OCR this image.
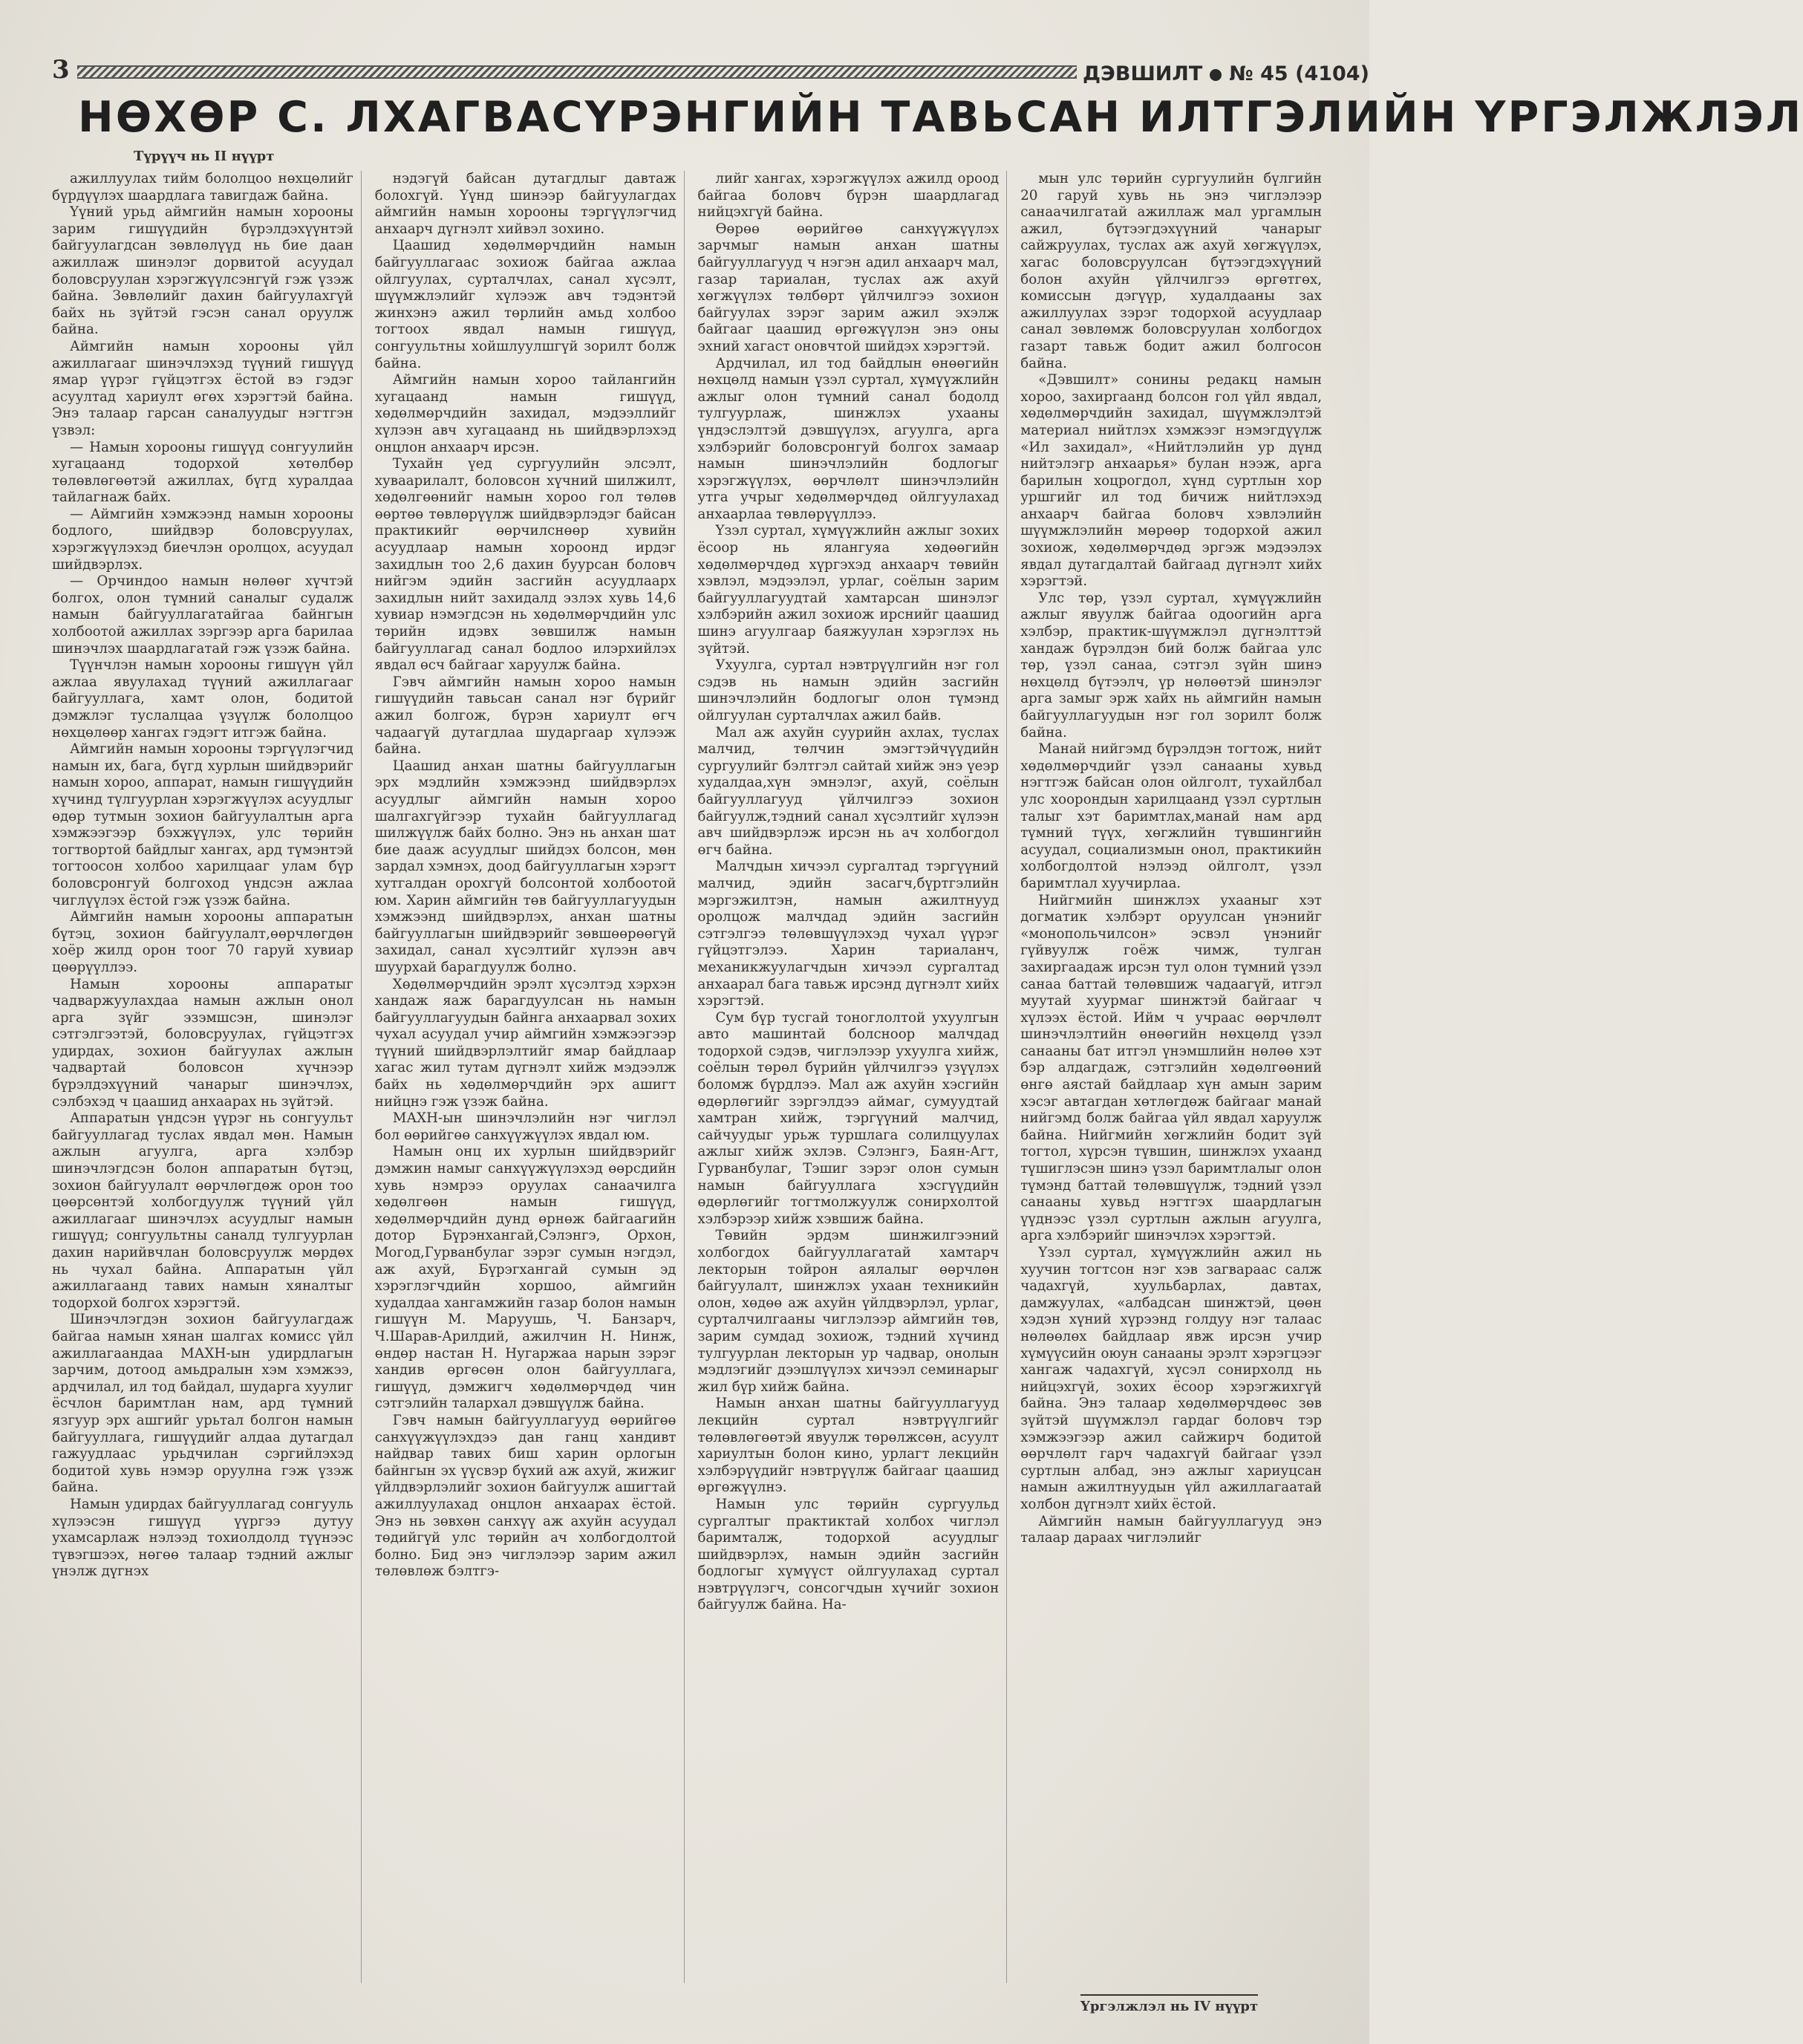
3	ДЭВШИЛТ № 45 (4104)
НӨХӨР С. ЛХАГВАСҮРЭНГИЙН ТАВЬСАН ИЛТГЭЛИЙН ҮРГЭЛЖЛЭЛ
Түрүүч нь II нүүрт

ажиллуулах тийм бололцоо нөхцөлийг бүрдүүлэх шаардлага тавигдаж байна.

Үүний урьд аймгийн намын хорооны зарим гишүүдийн бүрэлдэхүүнтэй байгуулагдсан зөвлөлүүд нь бие даан ажиллаж шинэлэг дорвитой асуудал боловсруулан хэрэгжүүлсэнгүй гэж үзэж байна. Зөвлөлийг дахин байгуулахгүй байх нь зүйтэй гэсэн санал оруулж байна.

Аймгийн намын хорооны үйл ажиллагааг шинэчлэхэд түүний гишүүд ямар үүрэг гүйцэтгэх ёстой вэ гэдэг асуултад хариулт өгөх хэрэгтэй байна. Энэ талаар гарсан саналуудыг нэгтгэн үзвэл:

— Намын хорооны гишүүд сонгуулийн хугацаанд тодорхой хөтөлбөр төлөвлөгөөтэй ажиллах, бүгд хуралдаа тайлагнаж байх.

— Аймгийн хэмжээнд намын хорооны бодлого, шийдвэр боловсруулах, хэрэгжүүлэхэд биечлэн оролцох, асуудал шийдвэрлэх.

— Орчиндоо намын нөлөөг хүчтэй болгох, олон түмний саналыг судалж намын байгууллагатайгаа байнгын холбоотой ажиллах зэргээр арга барилаа шинэчлэх шаардлагатай гэж үзэж байна.

Түүнчлэн намын хорооны гишүүн үйл ажлаа явуулахад түүний ажиллагааг байгууллага, хамт олон, бодитой дэмжлэг туслалцаа үзүүлж бололцоо нөхцөлөөр хангах гэдэгт итгэж байна.

Аймгийн намын хорооны тэргүүлэгчид намын их, бага, бүгд хурлын шийдвэрийг намын хороо, аппарат, намын гишүүдийн хүчинд түлгуурлан хэрэгжүүлэх асуудлыг өдөр тутмын зохион байгуулалтын арга хэмжээгээр бэхжүүлэх, улс төрийн тогтвортой байдлыг хангах, ард түмэнтэй тогтоосон холбоо харилцааг улам бүр боловсронгуй болгоход үндсэн ажлаа чиглүүлэх ёстой гэж үзэж байна.

Аймгийн намын хорооны аппаратын бүтэц, зохион байгуулалт,өөрчлөгдөн хоёр жилд орон тоог 70 гаруй хувиар цөөрүүллээ.

Намын хорооны аппаратыг чадваржуулахдаа намын ажлын онол арга зүйг эзэмшсэн, шинэлэг сэтгэлгээтэй, боловсруулах, гүйцэтгэх удирдах, зохион байгуулах ажлын чадвартай боловсон хүчнээр бүрэлдэхүүний чанарыг шинэчлэх, сэлбэхэд ч цаашид анхаарах нь зүйтэй.

Аппаратын үндсэн үүрэг нь сонгуульт байгууллагад туслах явдал мөн. Намын ажлын агуулга, арга хэлбэр шинэчлэгдсэн болон аппаратын бүтэц, зохион байгуулалт өөрчлөгдөж орон тоо цөөрсөнтэй холбогдуулж түүний үйл ажиллагааг шинэчлэх асуудлыг намын гишүүд; сонгуультны саналд тулгуурлан дахин нарийвчлан боловсруулж мөрдөх нь чухал байна. Аппаратын үйл ажиллагаанд тавих намын хяналтыг тодорхой болгох хэрэгтэй.

Шинэчлэгдэн зохион байгуулагдаж байгаа намын хянан шалгах комисс үйл ажиллагаандаа МАХН-ын удирдлагын зарчим, дотоод амьдралын хэм хэмжээ, ардчилал, ил тод байдал, шударга хуулиг ёсчлон баримтлан нам, ард түмний язгуур эрх ашгийг урьтал болгон намын байгууллага, гишүүдийг алдаа дутагдал гажуудлаас урьдчилан сэргийлэхэд бодитой хувь нэмэр оруулна гэж үзэж байна.

Намын удирдах байгууллагад сонгууль хүлээсэн гишүүд үүргээ дутуу ухамсарлаж нэлээд тохиолдолд түүнээс түвэгшээх, нөгөө талаар тэдний ажлыг үнэлж дүгнэх

нэдэгүй байсан дутагдлыг давтаж болохгүй. Үүнд шинээр байгуулагдах аймгийн намын хорооны тэргүүлэгчид анхаарч дүгнэлт хийвэл зохино.

Цаашид хөдөлмөрчдийн намын байгууллагаас зохиож байгаа ажлаа ойлгуулах, сурталчлах, санал хүсэлт, шүүмжлэлийг хүлээж авч тэдэнтэй жинхэнэ ажил төрлийн амьд холбоо тогтоох явдал намын гишүүд, сонгуультны хойшлуулшгүй зорилт болж байна.

Аймгийн намын хороо тайлангийн хугацаанд намын гишүүд, хөдөлмөрчдийн захидал, мэдээллийг хүлээн авч хугацаанд нь шийдвэрлэхэд онцлон анхаарч ирсэн.

Тухайн үед сургуулийн элсэлт, хуваарилалт, боловсон хүчний шилжилт, хөдөлгөөнийг намын хороо гол төлөв өөртөө төвлөрүүлж шийдвэрлэдэг байсан практикийг өөрчилснөөр хувийн асуудлаар намын хороонд ирдэг захидлын тоо 2,6 дахин буурсан боловч нийгэм эдийн засгийн асуудлаарх захидлын нийт захидалд эзлэх хувь 14,6 хувиар нэмэгдсэн нь хөдөлмөрчдийн улс төрийн идэвх зөвшилж намын байгууллагад санал бодлоо илэрхийлэх явдал өсч байгааг харуулж байна.

Гэвч аймгийн намын хороо намын гишүүдийн тавьсан санал нэг бүрийг ажил болгож, бүрэн хариулт өгч чадаагүй дутагдлаа шударгаар хүлээж байна.

Цаашид анхан шатны байгууллагын эрх мэдлийн хэмжээнд шийдвэрлэх асуудлыг аймгийн намын хороо шалгахгүйгээр тухайн байгууллагад шилжүүлж байх болно. Энэ нь анхан шат бие дааж асуудлыг шийдэх болсон, мөн зардал хэмнэх, доод байгууллагын хэрэгт хутгалдан орохгүй болсонтой холбоотой юм. Харин аймгийн төв байгууллагуудын хэмжээнд шийдвэрлэх, анхан шатны байгууллагын шийдвэрийг зөвшөөрөөгүй захидал, санал хүсэлтийг хүлээн авч шуурхай барагдуулж болно.

Хөдөлмөрчдийн эрэлт хүсэлтэд хэрхэн хандаж яаж барагдуулсан нь намын байгууллагуудын байнга анхаарвал зохих чухал асуудал учир аймгийн хэмжээгээр түүний шийдвэрлэлтийг ямар байдлаар хагас жил тутам дүгнэлт хийж мэдээлж байх нь хөдөлмөрчдийн эрх ашигт нийцнэ гэж үзэж байна.

МАХН-ын шинэчлэлийн нэг чиглэл бол өөрийгөө санхүүжүүлэх явдал юм.

Намын онц их хурлын шийдвэрийг дэмжин намыг санхүүжүүлэхэд өөрсдийн хувь нэмрээ оруулах санаачилга хөдөлгөөн намын гишүүд, хөдөлмөрчдийн дунд өрнөж байгаагийн дотор Бүрэнхангай,Сэлэнгэ, Орхон, Могод,Гурванбулаг зэрэг сумын нэгдэл, аж ахуй, Бүрэгхангай сумын эд хэрэглэгчдийн хоршоо, аймгийн худалдаа хангамжийн газар болон намын гишүүн М. Маруушь, Ч. Банзарч, Ч.Шарав-Арилдий, ажилчин Н. Нинж, өндөр настан Н. Нугаржаа нарын зэрэг хандив өргөсөн олон байгууллага, гишүүд, дэмжигч хөдөлмөрчдөд чин сэтгэлийн талархал дэвшүүлж байна.

Гэвч намын байгууллагууд өөрийгөө санхүүжүүлэхдээ дан ганц хандивт найдвар тавих биш харин орлогын байнгын эх үүсвэр бүхий аж ахуй, жижиг үйлдвэрлэлийг зохион байгуулж ашигтай ажиллуулахад онцлон анхаарах ёстой. Энэ нь зөвхөн санхүү аж ахуйн асуудал төдийгүй улс төрийн ач холбогдолтой болно. Бид энэ чиглэлээр зарим ажил төлөвлөж бэлтгэ-

лийг хангах, хэрэгжүүлэх ажилд ороод байгаа боловч бүрэн шаардлагад нийцэхгүй байна.

Өөрөө өөрийгөө санхүүжүүлэх зарчмыг намын анхан шатны байгууллагууд ч нэгэн адил анхаарч мал, газар тариалан, туслах аж ахуй хөгжүүлэх төлбөрт үйлчилгээ зохион байгуулах зэрэг зарим ажил эхэлж байгааг цаашид өргөжүүлэн энэ оны эхний хагаст оновчтой шийдэх хэрэгтэй.

Ардчилал, ил тод байдлын өнөөгийн нөхцөлд намын үзэл суртал, хүмүүжлийн ажлыг олон түмний санал бодолд тулгуурлаж, шинжлэх ухааны үндэслэлтэй дэвшүүлэх, агуулга, арга хэлбэрийг боловсронгуй болгох замаар намын шинэчлэлийн бодлогыг хэрэгжүүлэх, өөрчлөлт шинэчлэлийн утга учрыг хөдөлмөрчдөд ойлгуулахад анхаарлаа төвлөрүүллээ.

Үзэл суртал, хүмүүжлийн ажлыг зохих ёсоор нь ялангуяа хөдөөгийн хөдөлмөрчдөд хүргэхэд анхаарч төвийн хэвлэл, мэдээлэл, урлаг, соёлын зарим байгууллагуудтай хамтарсан шинэлэг хэлбэрийн ажил зохиож ирснийг цаашид шинэ агуулгаар баяжуулан хэрэглэх нь зүйтэй.

Ухуулга, суртал нэвтрүүлгийн нэг гол сэдэв нь намын эдийн засгийн шинэчлэлийн бодлогыг олон түмэнд ойлгуулан сурталчлах ажил байв.

Мал аж ахуйн суурийн ахлах, туслах малчид, төлчин эмэгтэйчүүдийн сургуулийг бэлтгэл сайтай хийж энэ үеэр худалдаа,хүн эмнэлэг, ахуй, соёлын байгууллагууд үйлчилгээ зохион байгуулж,тэдний санал хүсэлтийг хүлээн авч шийдвэрлэж ирсэн нь ач холбогдол өгч байна.

Малчдын хичээл сургалтад тэргүүний малчид, эдийн засагч,бүртгэлийн мэргэжилтэн, намын ажилтнууд оролцож малчдад эдийн засгийн сэтгэлгээ төлөвшүүлэхэд чухал үүрэг гүйцэтгэлээ. Харин тариаланч, механикжуулагчдын хичээл сургалтад анхаарал бага тавьж ирсэнд дүгнэлт хийх хэрэгтэй.

Сум бүр тусгай тоноглолтой ухуулгын авто машинтай болсноор малчдад тодорхой сэдэв, чиглэлээр ухуулга хийж, соёлын төрөл бүрийн үйлчилгээ үзүүлэх боломж бүрдлээ. Мал аж ахуйн хэсгийн өдөрлөгийг зэргэлдээ аймаг, сумуудтай хамтран хийж, тэргүүний малчид, сайчуудыг урьж туршлага солилцуулах ажлыг хийж эхлэв. Сэлэнгэ, Баян-Агт, Гурванбулаг, Тэшиг зэрэг олон сумын намын байгууллага хэсгүүдийн өдөрлөгийг тогтмолжуулж сонирхолтой хэлбэрээр хийж хэвшиж байна.

Төвийн эрдэм шинжилгээний холбогдох байгууллагатай хамтарч лекторын тойрон аялалыг өөрчлөн байгуулалт, шинжлэх ухаан техникийн олон, хөдөө аж ахуйн үйлдвэрлэл, урлаг, сурталчилгааны чиглэлээр аймгийн төв, зарим сумдад зохиож, тэдний хүчинд тулгуурлан лекторын ур чадвар, онолын мэдлэгийг дээшлүүлэх хичээл семинарыг жил бүр хийж байна.

Намын анхан шатны байгууллагууд лекцийн суртал нэвтрүүлгийг төлөвлөгөөтэй явуулж төрөлжсөн, асуулт хариултын болон кино, урлагт лекцийн хэлбэрүүдийг нэвтрүүлж байгааг цаашид өргөжүүлнэ.

Намын улс төрийн сургуульд сургалтыг практиктай холбох чиглэл баримталж, тодорхой асуудлыг шийдвэрлэх, намын эдийн засгийн бодлогыг хүмүүст ойлгуулахад суртал нэвтрүүлэгч, сонсогчдын хүчийг зохион байгуулж байна. На-

мын улс төрийн сургуулийн бүлгийн 20 гаруй хувь нь энэ чиглэлээр санаачилгатай ажиллаж мал ургамлын ажил, бүтээгдэхүүний чанарыг сайжруулах, туслах аж ахуй хөгжүүлэх, хагас боловсруулсан бүтээгдэхүүний болон ахуйн үйлчилгээ өргөтгөх, комиссын дэгүүр, худалдааны зах ажиллуулах зэрэг тодорхой асуудлаар санал зөвлөмж боловсруулан холбогдох газарт тавьж бодит ажил болгосон байна.

«Дэвшилт» сонины редакц намын хороо, захиргаанд болсон гол үйл явдал, хөдөлмөрчдийн захидал, шүүмжлэлтэй материал нийтлэх хэмжээг нэмэгдүүлж «Ил захидал», «Нийтлэлийн ур дүнд нийтэлэгр анхаарья» булан нээж, арга барилын хоцрогдол, хүнд суртлын хор уршгийг ил тод бичиж нийтлэхэд анхаарч байгаа боловч хэвлэлийн шүүмжлэлийн мөрөөр тодорхой ажил зохиож, хөдөлмөрчдөд эргэж мэдээлэх явдал дутагдалтай байгаад дүгнэлт хийх хэрэгтэй.

Улс төр, үзэл суртал, хүмүүжлийн ажлыг явуулж байгаа одоогийн арга хэлбэр, практик-шүүмжлэл дүгнэлттэй хандаж бүрэлдэн бий болж байгаа улс төр, үзэл санаа, сэтгэл зүйн шинэ нөхцөлд бүтээлч, үр нөлөөтэй шинэлэг арга замыг эрж хайх нь аймгийн намын байгууллагуудын нэг гол зорилт болж байна.

Манай нийгэмд бүрэлдэн тогтож, нийт хөдөлмөрчдийг үзэл санааны хувьд нэгтгэж байсан олон ойлголт, тухайлбал улс хоорондын харилцаанд үзэл суртлын талыг хэт баримтлах,манай нам ард түмний түүх, хөгжлийн түвшингийн асуудал, социализмын онол, практикийн холбогдолтой нэлээд ойлголт, үзэл баримтлал хуучирлаа.

Нийгмийн шинжлэх ухааныг хэт догматик хэлбэрт оруулсан үнэнийг «монопольчилсон» эсвэл үнэнийг гүйвуулж гоёж чимж, тулган захиргаадаж ирсэн тул олон түмний үзэл санаа баттай төлөвшиж чадаагүй, итгэл муутай хуурмаг шинжтэй байгааг ч хүлээх ёстой. Ийм ч учраас өөрчлөлт шинэчлэлтийн өнөөгийн нөхцөлд үзэл санааны бат итгэл үнэмшлийн нөлөө хэт бэр алдагдаж, сэтгэлийн хөдөлгөөний өнгө аястай байдлаар хүн амын зарим хэсэг автагдан хөтлөгдөж байгааг манай нийгэмд болж байгаа үйл явдал харуулж байна. Нийгмийн хөгжлийн бодит зүй тогтол, хүрсэн түвшин, шинжлэх ухаанд түшиглэсэн шинэ үзэл баримтлалыг олон түмэнд баттай төлөвшүүлж, тэдний үзэл санааны хувьд нэгтгэх шаардлагын үүднээс үзэл суртлын ажлын агуулга, арга хэлбэрийг шинэчлэх хэрэгтэй.

Үзэл суртал, хүмүүжлийн ажил нь хуучин тогтсон нэг хэв загвараас салж чадахгүй, хуульбарлах, давтах, дамжуулах, «албадсан шинжтэй, цөөн хэдэн хүний хүрээнд голдуу нэг талаас нөлөөлөх байдлаар явж ирсэн учир хүмүүсийн оюун санааны эрэлт хэрэгцээг хангаж чадахгүй, хүсэл сонирхолд нь нийцэхгүй, зохих ёсоор хэрэгжихгүй байна. Энэ талаар хөдөлмөрчдөөс зөв зүйтэй шүүмжлэл гардаг боловч тэр хэмжээгээр ажил сайжирч бодитой өөрчлөлт гарч чадахгүй байгааг үзэл суртлын албад, энэ ажлыг хариуцсан намын ажилтнуудын үйл ажиллагаатай холбон дүгнэлт хийх ёстой.

Аймгийн намын байгууллагууд энэ талаар дараах чиглэлийг

Үргэлжлэл нь IV нүүрт
